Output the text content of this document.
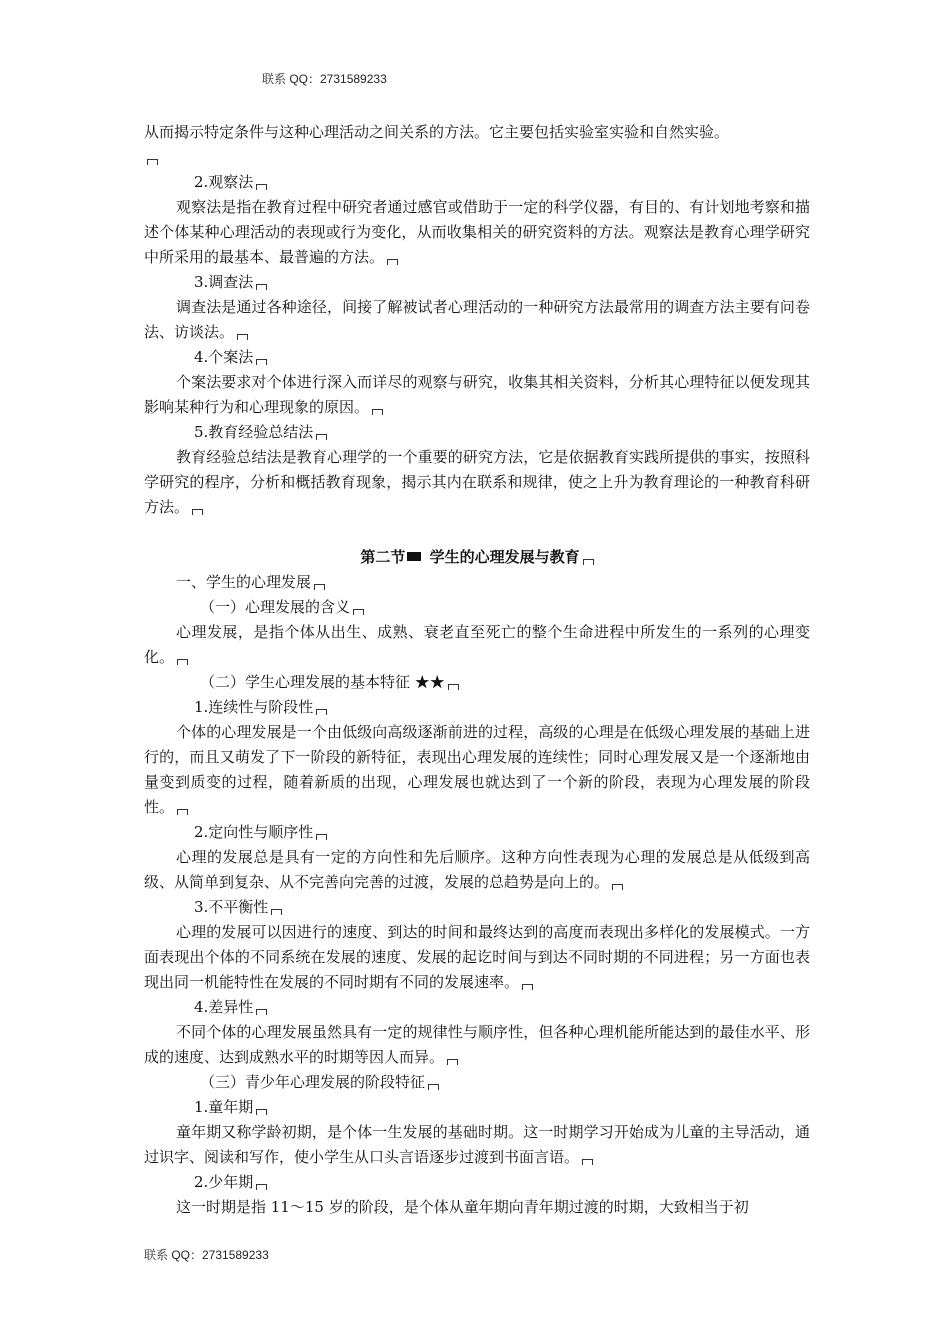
联系 QQ：2731589233

从而揭示特定条件与这种心理活动之间关系的方法。它主要包括实验室实验和自然实验。

2.观察法

观察法是指在教育过程中研究者通过感官或借助于一定的科学仪器，有目的、有计划地考察和描述个体某种心理活动的表现或行为变化，从而收集相关的研究资料的方法。观察法是教育心理学研究中所采用的最基本、最普遍的方法。

3.调查法

调查法是通过各种途径，间接了解被试者心理活动的一种研究方法最常用的调查方法主要有问卷法、访谈法。

4.个案法

个案法要求对个体进行深入而详尽的观察与研究，收集其相关资料，分析其心理特征以便发现其影响某种行为和心理现象的原因。

5.教育经验总结法

教育经验总结法是教育心理学的一个重要的研究方法，它是依据教育实践所提供的事实，按照科学研究的程序，分析和概括教育现象，揭示其内在联系和规律，使之上升为教育理论的一种教育科研方法。

第二节 学生的心理发展与教育

一、学生的心理发展

（一）心理发展的含义

心理发展，是指个体从出生、成熟、衰老直至死亡的整个生命进程中所发生的一系列的心理变化。

（二）学生心理发展的基本特征 ★★

1.连续性与阶段性

个体的心理发展是一个由低级向高级逐渐前进的过程，高级的心理是在低级心理发展的基础上进行的，而且又萌发了下一阶段的新特征，表现出心理发展的连续性；同时心理发展又是一个逐渐地由量变到质变的过程，随着新质的出现，心理发展也就达到了一个新的阶段，表现为心理发展的阶段性。

2.定向性与顺序性

心理的发展总是具有一定的方向性和先后顺序。这种方向性表现为心理的发展总是从低级到高级、从简单到复杂、从不完善向完善的过渡，发展的总趋势是向上的。

3.不平衡性

心理的发展可以因进行的速度、到达的时间和最终达到的高度而表现出多样化的发展模式。一方面表现出个体的不同系统在发展的速度、发展的起讫时间与到达不同时期的不同进程；另一方面也表现出同一机能特性在发展的不同时期有不同的发展速率。

4.差异性

不同个体的心理发展虽然具有一定的规律性与顺序性，但各种心理机能所能达到的最佳水平、形成的速度、达到成熟水平的时期等因人而异。

（三）青少年心理发展的阶段特征

1.童年期

童年期又称学龄初期，是个体一生发展的基础时期。这一时期学习开始成为儿童的主导活动，通过识字、阅读和写作，使小学生从口头言语逐步过渡到书面言语。

2.少年期

这一时期是指 11～15 岁的阶段，是个体从童年期向青年期过渡的时期，大致相当于初

联系 QQ：2731589233
